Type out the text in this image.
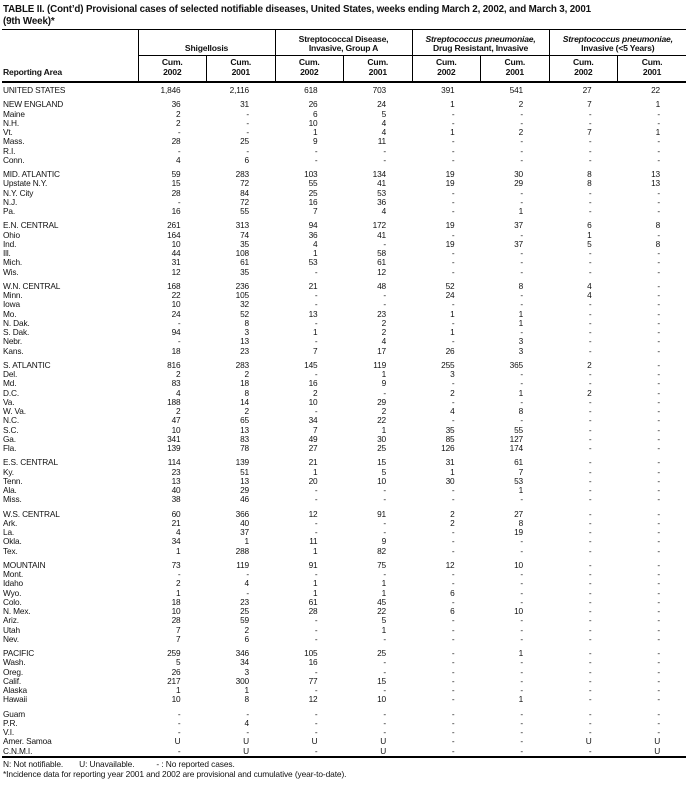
TABLE II. (Cont’d) Provisional cases of selected notifiable diseases, United States, weeks ending March 2, 2002, and March 3, 2001
(9th Week)*
Reporting Area	Shigellosis		Streptococcal Disease,
Invasive, Group A		Streptococcus pneumoniae,
Drug Resistant, Invasive		Streptococcus pneumoniae,
Invasive (<5 Years)	

	Cum.
2002	Cum.
2001	Cum.
2002	Cum.
2001	Cum.
2002	Cum.
2001	Cum.
2002	Cum.
2001

UNITED STATES	1,846	2,116	618	703	391	541	27	22

NEW ENGLAND	36	31	26	24	1	2	7	1
Maine	2	-	6	5	-	-	-	-
N.H.	2	-	10	4	-	-	-	-
Vt.	-	-	1	4	1	2	7	1
Mass.	28	25	9	11	-	-	-	-
R.I.	-	-	-	-	-	-	-	-
Conn.	4	6	-	-	-	-	-	-

MID. ATLANTIC	59	283	103	134	19	30	8	13
Upstate N.Y.	15	72	55	41	19	29	8	13
N.Y. City	28	84	25	53	-	-	-	-
N.J.	-	72	16	36	-	-	-	-
Pa.	16	55	7	4	-	1	-	-

E.N. CENTRAL	261	313	94	172	19	37	6	8
Ohio	164	74	36	41	-	-	1	-
Ind.	10	35	4	-	19	37	5	8
Ill.	44	108	1	58	-	-	-	-
Mich.	31	61	53	61	-	-	-	-
Wis.	12	35	-	12	-	-	-	-

W.N. CENTRAL	168	236	21	48	52	8	4	-
Minn.	22	105	-	-	24	-	4	-
Iowa	10	32	-	-	-	-	-	-
Mo.	24	52	13	23	1	1	-	-
N. Dak.	-	8	-	2	-	1	-	-
S. Dak.	94	3	1	2	1	-	-	-
Nebr.	-	13	-	4	-	3	-	-
Kans.	18	23	7	17	26	3	-	-

S. ATLANTIC	816	283	145	119	255	365	2	-
Del.	2	2	-	1	3	-	-	-
Md.	83	18	16	9	-	-	-	-
D.C.	4	8	2	-	2	1	2	-
Va.	188	14	10	29	-	-	-	-
W. Va.	2	2	-	2	4	8	-	-
N.C.	47	65	34	22	-	-	-	-
S.C.	10	13	7	1	35	55	-	-
Ga.	341	83	49	30	85	127	-	-
Fla.	139	78	27	25	126	174	-	-

E.S. CENTRAL	114	139	21	15	31	61	-	-
Ky.	23	51	1	5	1	7	-	-
Tenn.	13	13	20	10	30	53	-	-
Ala.	40	29	-	-	-	1	-	-
Miss.	38	46	-	-	-	-	-	-

W.S. CENTRAL	60	366	12	91	2	27	-	-
Ark.	21	40	-	-	2	8	-	-
La.	4	37	-	-	-	19	-	-
Okla.	34	1	11	9	-	-	-	-
Tex.	1	288	1	82	-	-	-	-

MOUNTAIN	73	119	91	75	12	10	-	-
Mont.	-	-	-	-	-	-	-	-
Idaho	2	4	1	1	-	-	-	-
Wyo.	1	-	1	1	6	-	-	-
Colo.	18	23	61	45	-	-	-	-
N. Mex.	10	25	28	22	6	10	-	-
Ariz.	28	59	-	5	-	-	-	-
Utah	7	2	-	1	-	-	-	-
Nev.	7	6	-	-	-	-	-	-

PACIFIC	259	346	105	25	-	1	-	-
Wash.	5	34	16	-	-	-	-	-
Oreg.	26	3	-	-	-	-	-	-
Calif.	217	300	77	15	-	-	-	-
Alaska	1	1	-	-	-	-	-	-
Hawaii	10	8	12	10	-	1	-	-

Guam	-	-	-	-	-	-	-	-
P.R.	-	4	-	-	-	-	-	-
V.I.	-	-	-	-	-	-	-	-
Amer. Samoa	U	U	U	U	-	-	U	U
C.N.M.I.	-	U	-	U	-	-	-	U
N: Not notifiable. U: Unavailable.	- : No reported cases.
*Incidence data for reporting year 2001 and 2002 are provisional and cumulative (year-to-date).
